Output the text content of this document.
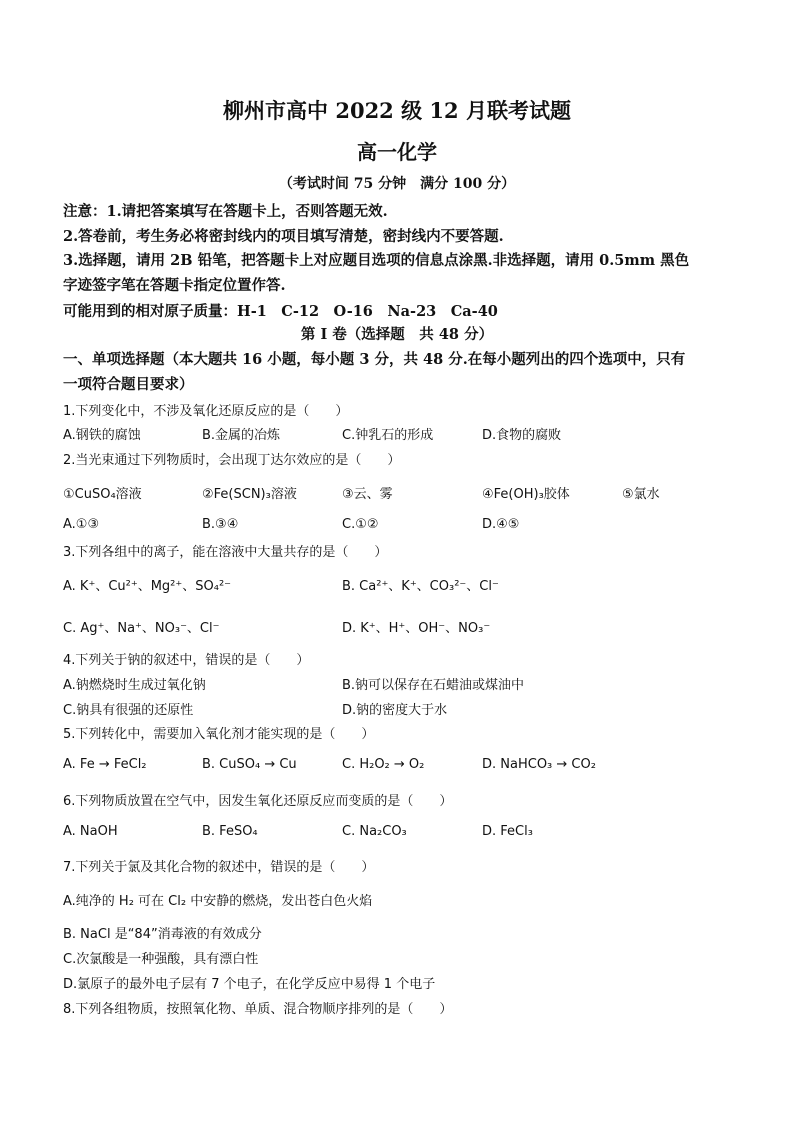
柳州市高中 2022 级 12 月联考试题
高一化学
（考试时间 75 分钟　满分 100 分）
注意：1.请把答案填写在答题卡上，否则答题无效.
2.答卷前，考生务必将密封线内的项目填写清楚，密封线内不要答题.
3.选择题，请用 2B 铅笔，把答题卡上对应题目选项的信息点涂黑.非选择题，请用 0.5mm 黑色
字迹签字笔在答题卡指定位置作答.
可能用到的相对原子质量：H-1　C-12　O-16　Na-23　Ca-40
第 I 卷（选择题　共 48 分）
一、单项选择题（本大题共 16 小题，每小题 3 分，共 48 分.在每小题列出的四个选项中，只有
一项符合题目要求）
1.下列变化中，不涉及氧化还原反应的是（　　）
A.钢铁的腐蚀	B.金属的冶炼	C.钟乳石的形成	D.食物的腐败
2.当光束通过下列物质时，会出现丁达尔效应的是（　　）
①CuSO₄溶液	②Fe(SCN)₃溶液	③云、雾	④Fe(OH)₃胶体	⑤氯水
A.①③	B.③④	C.①②	D.④⑤
3.下列各组中的离子，能在溶液中大量共存的是（　　）
A. K⁺、Cu²⁺、Mg²⁺、SO₄²⁻	B. Ca²⁺、K⁺、CO₃²⁻、Cl⁻
C. Ag⁺、Na⁺、NO₃⁻、Cl⁻	D. K⁺、H⁺、OH⁻、NO₃⁻
4.下列关于钠的叙述中，错误的是（　　）
A.钠燃烧时生成过氧化钠	B.钠可以保存在石蜡油或煤油中
C.钠具有很强的还原性	D.钠的密度大于水
5.下列转化中，需要加入氧化剂才能实现的是（　　）
A. Fe → FeCl₂	B. CuSO₄ → Cu	C. H₂O₂ → O₂	D. NaHCO₃ → CO₂
6.下列物质放置在空气中，因发生氧化还原反应而变质的是（　　）
A. NaOH	B. FeSO₄	C. Na₂CO₃	D. FeCl₃
7.下列关于氯及其化合物的叙述中，错误的是（　　）
A.纯净的 H₂ 可在 Cl₂ 中安静的燃烧，发出苍白色火焰
B. NaCl 是“84”消毒液的有效成分
C.次氯酸是一种强酸，具有漂白性
D.氯原子的最外电子层有 7 个电子，在化学反应中易得 1 个电子
8.下列各组物质，按照氧化物、单质、混合物顺序排列的是（　　）
